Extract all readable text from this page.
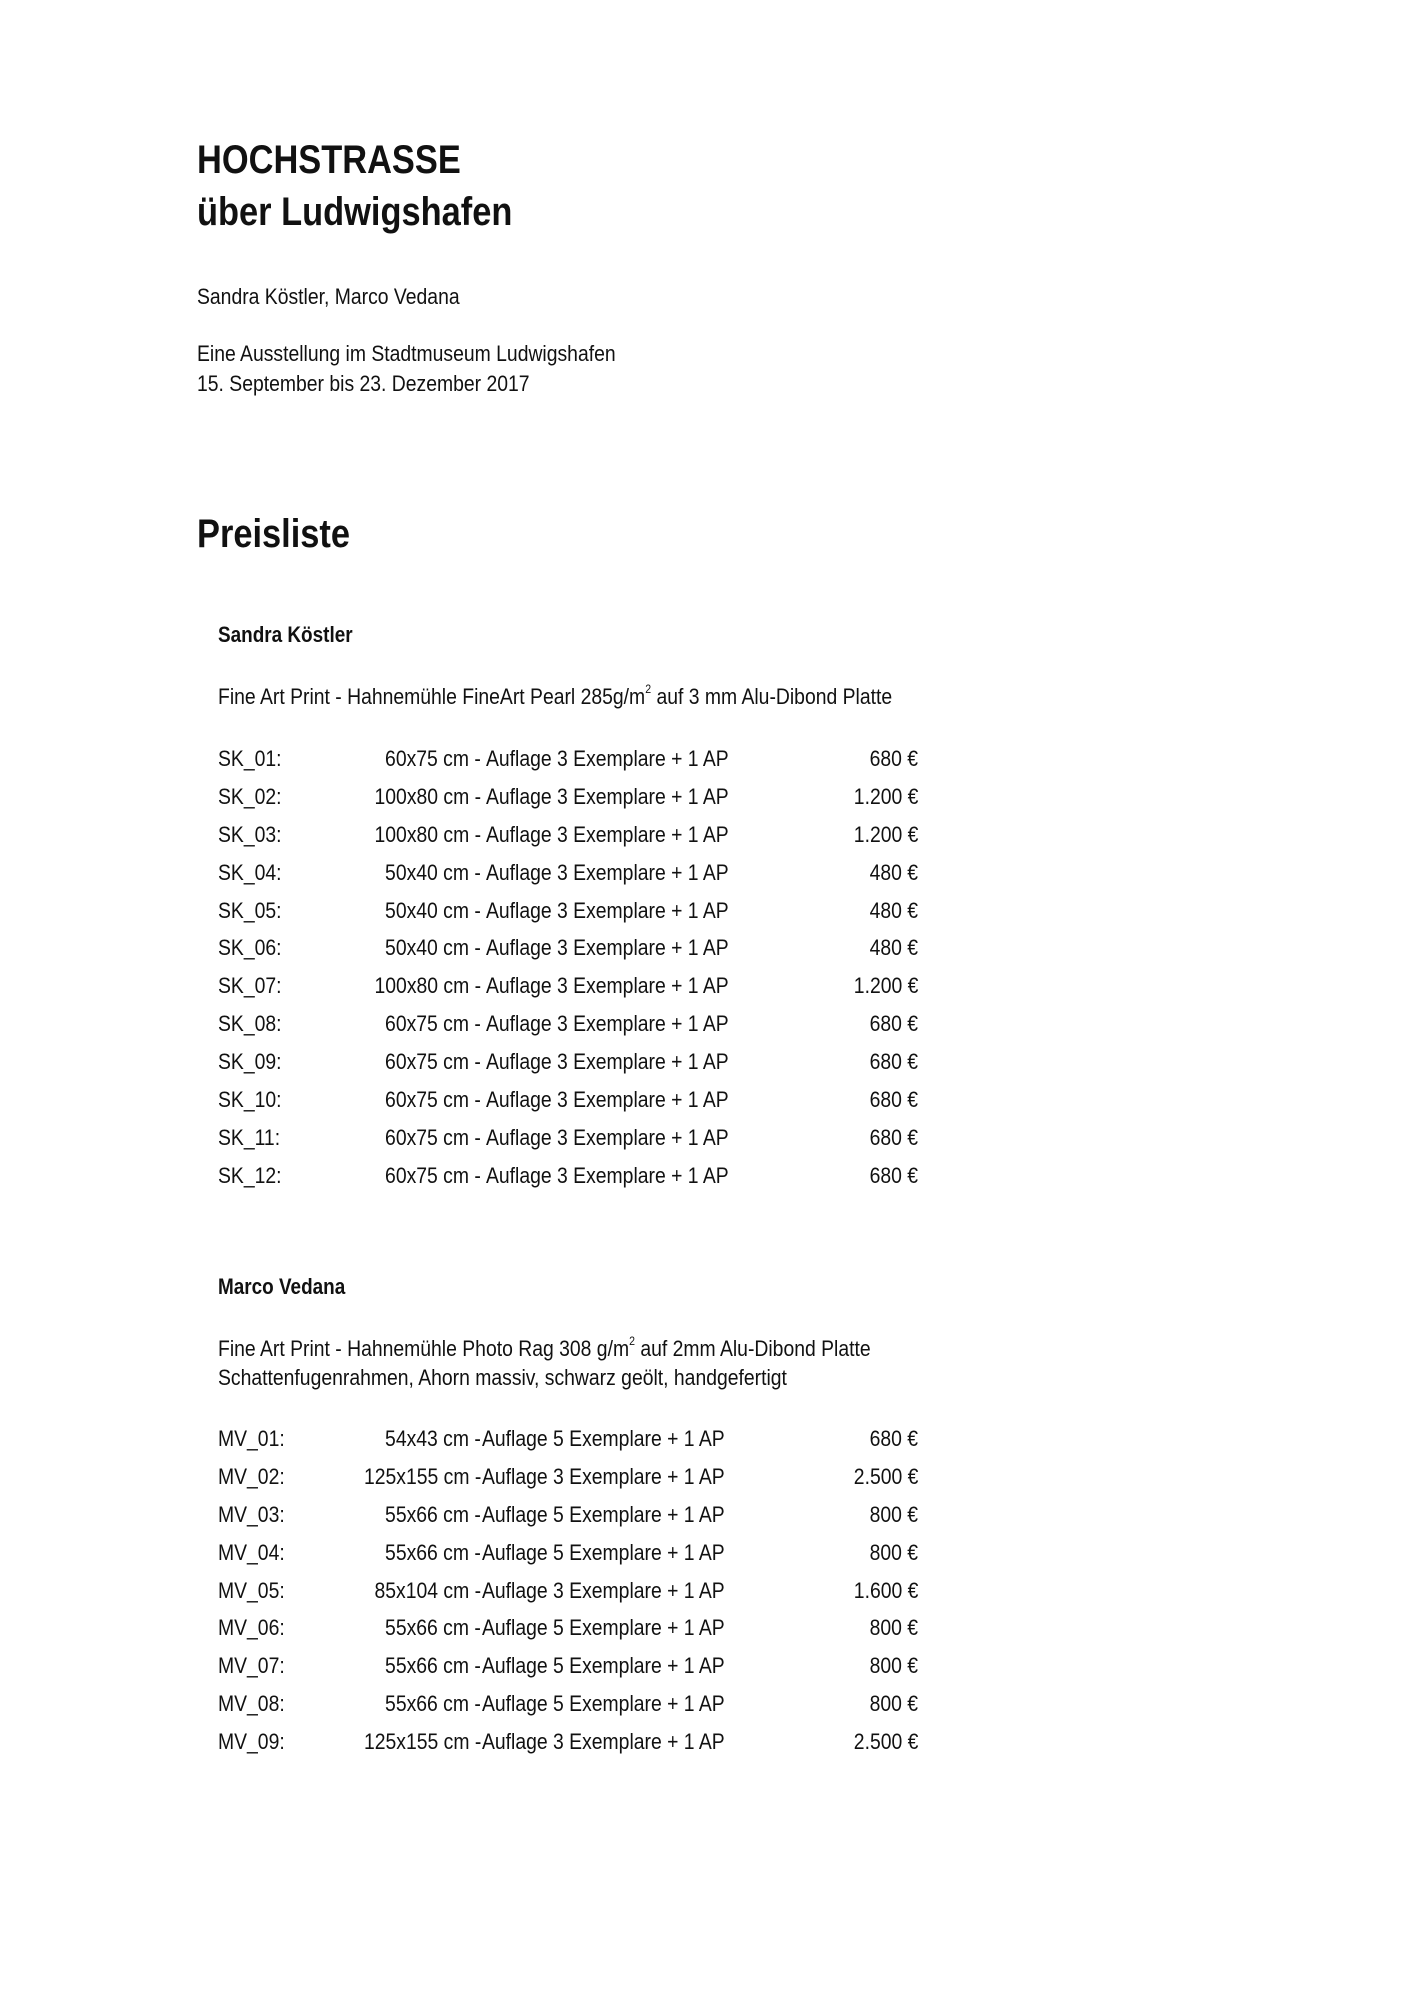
HOCHSTRASSE
über Ludwigshafen
Sandra Köstler, Marco Vedana
Eine Ausstellung im Stadtmuseum Ludwigshafen
15. September bis 23. Dezember 2017
Preisliste
Sandra Köstler
Fine Art Print - Hahnemühle FineArt Pearl $285g/m^2$ auf 3 mm Alu-Dibond Platte
SK_01:	60x75 cm - Auflage 3 Exemplare + 1 AP	680 €
SK_02:	100x80 cm - Auflage 3 Exemplare + 1 AP	1.200 €
SK_03:	100x80 cm - Auflage 3 Exemplare + 1 AP	1.200 €
SK_04:	50x40 cm - Auflage 3 Exemplare + 1 AP	480 €
SK_05:	50x40 cm - Auflage 3 Exemplare + 1 AP	480 €
SK_06:	50x40 cm - Auflage 3 Exemplare + 1 AP	480 €
SK_07:	100x80 cm - Auflage 3 Exemplare + 1 AP	1.200 €
SK_08:	60x75 cm - Auflage 3 Exemplare + 1 AP	680 €
SK_09:	60x75 cm - Auflage 3 Exemplare + 1 AP	680 €
SK_10:	60x75 cm - Auflage 3 Exemplare + 1 AP	680 €
SK_11:	60x75 cm - Auflage 3 Exemplare + 1 AP	680 €
SK_12:	60x75 cm - Auflage 3 Exemplare + 1 AP	680 €
Marco Vedana
Fine Art Print - Hahnemühle Photo Rag 308 $g/m^2$ auf 2mm Alu-Dibond Platte
Schattenfugenrahmen, Ahorn massiv, schwarz geölt, handgefertigt
MV_01:	54x43 cm - Auflage 5 Exemplare + 1 AP	680 €
MV_02:	125x155 cm - Auflage 3 Exemplare + 1 AP	2.500 €
MV_03:	55x66 cm - Auflage 5 Exemplare + 1 AP	800 €
MV_04:	55x66 cm - Auflage 5 Exemplare + 1 AP	800 €
MV_05:	85x104 cm - Auflage 3 Exemplare + 1 AP	1.600 €
MV_06:	55x66 cm - Auflage 5 Exemplare + 1 AP	800 €
MV_07:	55x66 cm - Auflage 5 Exemplare + 1 AP	800 €
MV_08:	55x66 cm - Auflage 5 Exemplare + 1 AP	800 €
MV_09:	125x155 cm - Auflage 3 Exemplare + 1 AP	2.500 €
